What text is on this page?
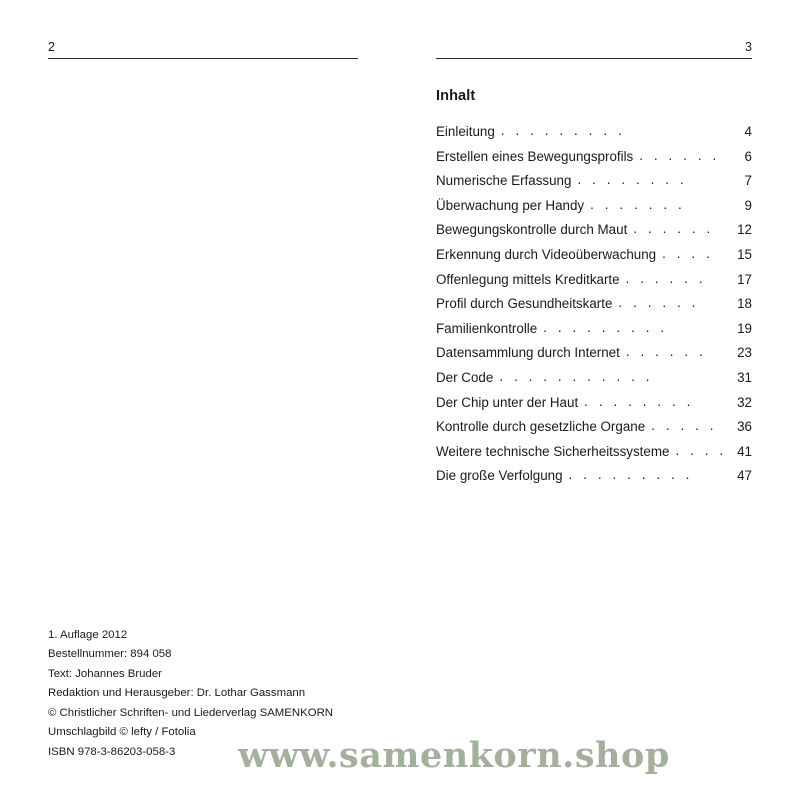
2
1. Auflage 2012
Bestellnummer: 894 058
Text: Johannes Bruder
Redaktion und Herausgeber: Dr. Lothar Gassmann
© Christlicher Schriften- und Liederverlag SAMENKORN
Umschlagbild © lefty / Fotolia
ISBN 978-3-86203-058-3
3
Inhalt
Einleitung . . . . . . . . .	4
Erstellen eines Bewegungsprofils . . . . . .	6
Numerische Erfassung . . . . . . . .	7
Überwachung per Handy . . . . . . .	9
Bewegungskontrolle durch Maut . . . . . .	12
Erkennung durch Videoüberwachung . . . .	15
Offenlegung mittels Kreditkarte . . . . . .	17
Profil durch Gesundheitskarte . . . . . .	18
Familienkontrolle . . . . . . . . .	19
Datensammlung durch Internet . . . . . .	23
Der Code . . . . . . . . . . .	31
Der Chip unter der Haut . . . . . . . .	32
Kontrolle durch gesetzliche Organe . . . . .	36
Weitere technische Sicherheitssysteme . . . . 41
Die große Verfolgung . . . . . . . . .	47
www.samenkorn.shop
